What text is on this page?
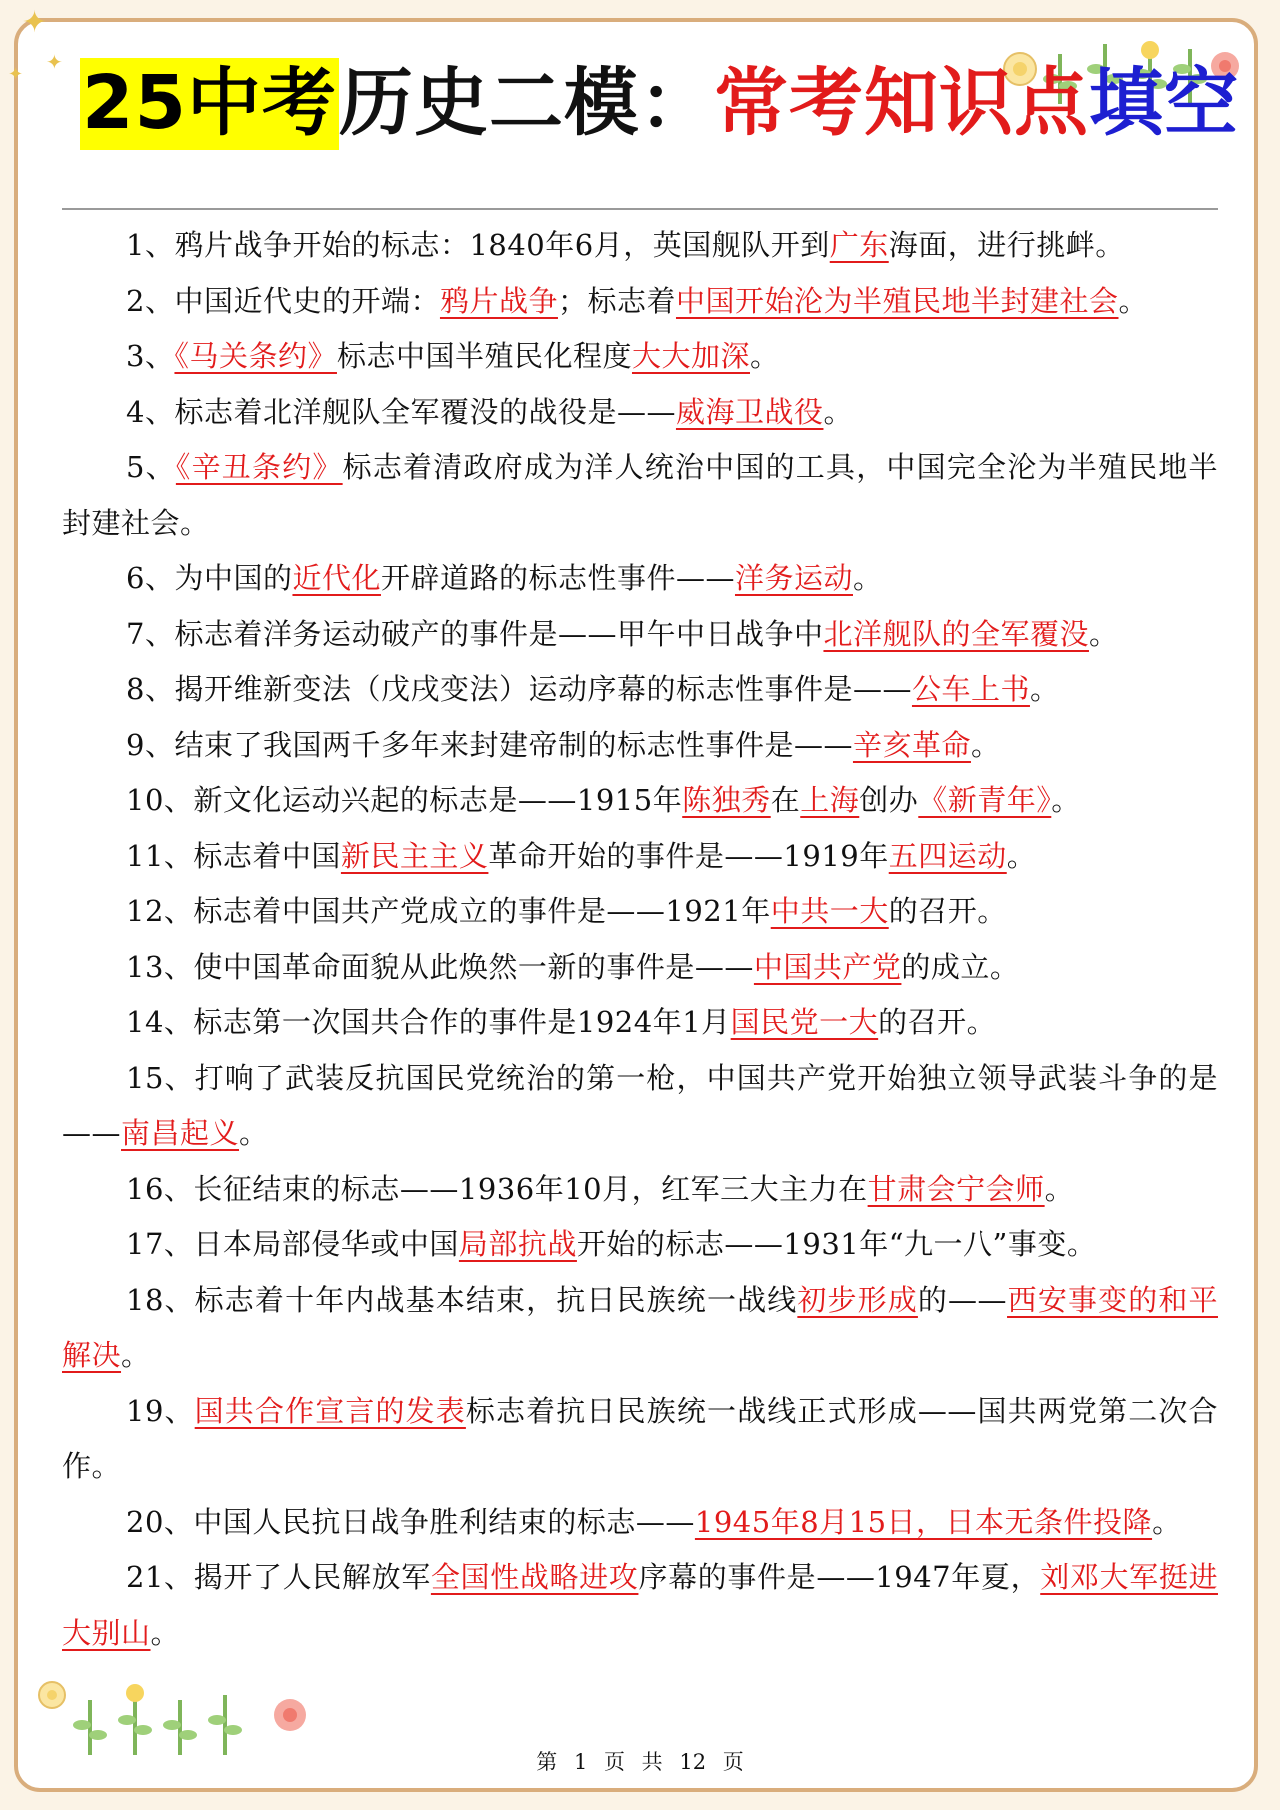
✦
✦
✦ 25中考历史二模：常考知识点填空

1、鸦片战争开始的标志：1840年6月，英国舰队开到广东海面，进行挑衅。

2、中国近代史的开端：鸦片战争；标志着中国开始沦为半殖民地半封建社会。

3、《马关条约》标志中国半殖民化程度大大加深。

4、标志着北洋舰队全军覆没的战役是——威海卫战役。

5、《辛丑条约》标志着清政府成为洋人统治中国的工具，中国完全沦为半殖民地半封建社会。

6、为中国的近代化开辟道路的标志性事件——洋务运动。

7、标志着洋务运动破产的事件是——甲午中日战争中北洋舰队的全军覆没。

8、揭开维新变法（戊戌变法）运动序幕的标志性事件是——公车上书。

9、结束了我国两千多年来封建帝制的标志性事件是——辛亥革命。

10、新文化运动兴起的标志是——1915年陈独秀在上海创办《新青年》。

11、标志着中国新民主主义革命开始的事件是——1919年五四运动。

12、标志着中国共产党成立的事件是——1921年中共一大的召开。

13、使中国革命面貌从此焕然一新的事件是——中国共产党的成立。

14、标志第一次国共合作的事件是1924年1月国民党一大的召开。

15、打响了武装反抗国民党统治的第一枪，中国共产党开始独立领导武装斗争的是——南昌起义。

16、长征结束的标志——1936年10月，红军三大主力在甘肃会宁会师。

17、日本局部侵华或中国局部抗战开始的标志——1931年“九一八”事变。

18、标志着十年内战基本结束，抗日民族统一战线初步形成的——西安事变的和平解决。

19、国共合作宣言的发表标志着抗日民族统一战线正式形成——国共两党第二次合作。

20、中国人民抗日战争胜利结束的标志——1945年8月15日，日本无条件投降。

21、揭开了人民解放军全国性战略进攻序幕的事件是——1947年夏，刘邓大军挺进大别山。

第 1 页 共 12 页
